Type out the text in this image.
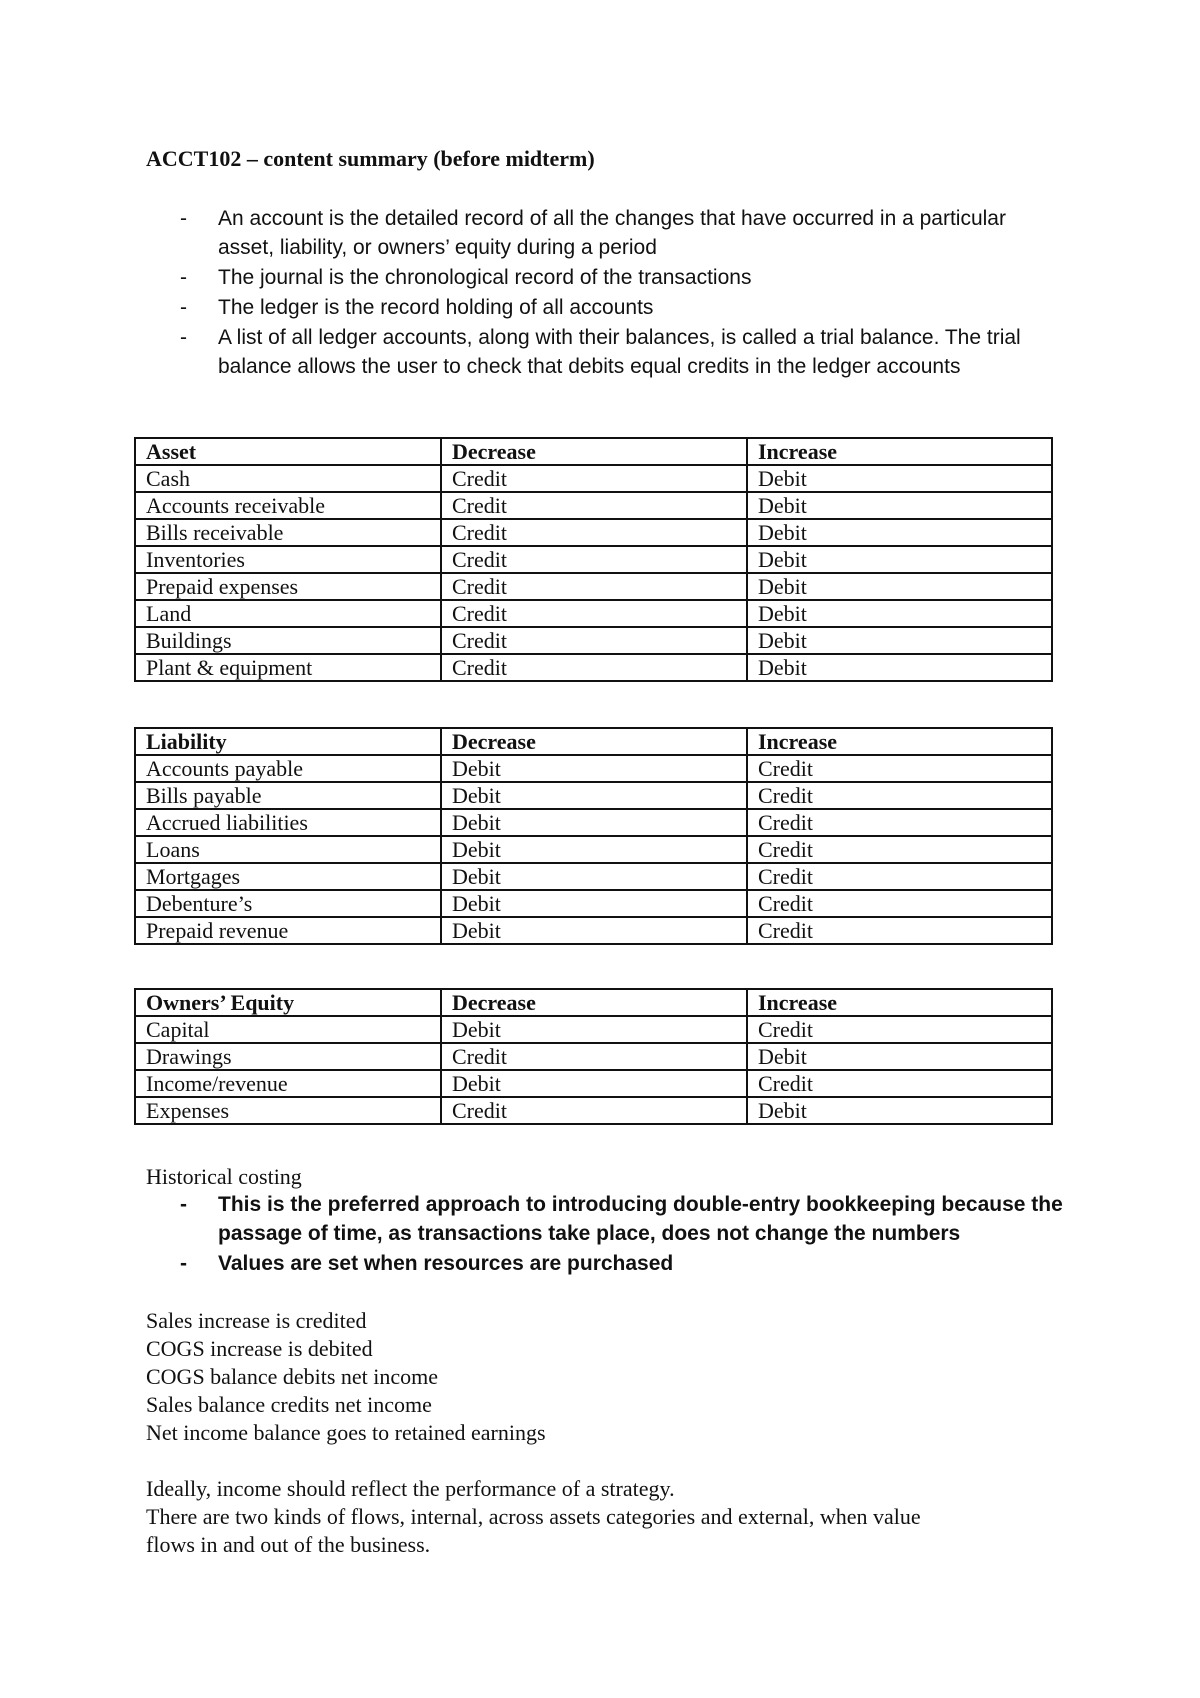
ACCT102 – content summary (before midterm)
- An account is the detailed record of all the changes that have occurred in a particular asset, liability, or owners’ equity during a period
- The journal is the chronological record of the transactions
- The ledger is the record holding of all accounts
- A list of all ledger accounts, along with their balances, is called a trial balance. The trial balance allows the user to check that debits equal credits in the ledger accounts
Asset	Decrease	Increase
Cash	Credit	Debit
Accounts receivable	Credit	Debit
Bills receivable	Credit	Debit
Inventories	Credit	Debit
Prepaid expenses	Credit	Debit
Land	Credit	Debit
Buildings	Credit	Debit
Plant & equipment	Credit	Debit
Liability	Decrease	Increase
Accounts payable	Debit	Credit
Bills payable	Debit	Credit
Accrued liabilities	Debit	Credit
Loans	Debit	Credit
Mortgages	Debit	Credit
Debenture’s	Debit	Credit
Prepaid revenue	Debit	Credit
Owners’ Equity	Decrease	Increase
Capital	Debit	Credit
Drawings	Credit	Debit
Income/revenue	Debit	Credit
Expenses	Credit	Debit
Historical costing
- This is the preferred approach to introducing double-entry bookkeeping because the passage of time, as transactions take place, does not change the numbers
- Values are set when resources are purchased
Sales increase is credited
COGS increase is debited
COGS balance debits net income
Sales balance credits net income
Net income balance goes to retained earnings
Ideally, income should reflect the performance of a strategy.
There are two kinds of flows, internal, across assets categories and external, when value
flows in and out of the business.
